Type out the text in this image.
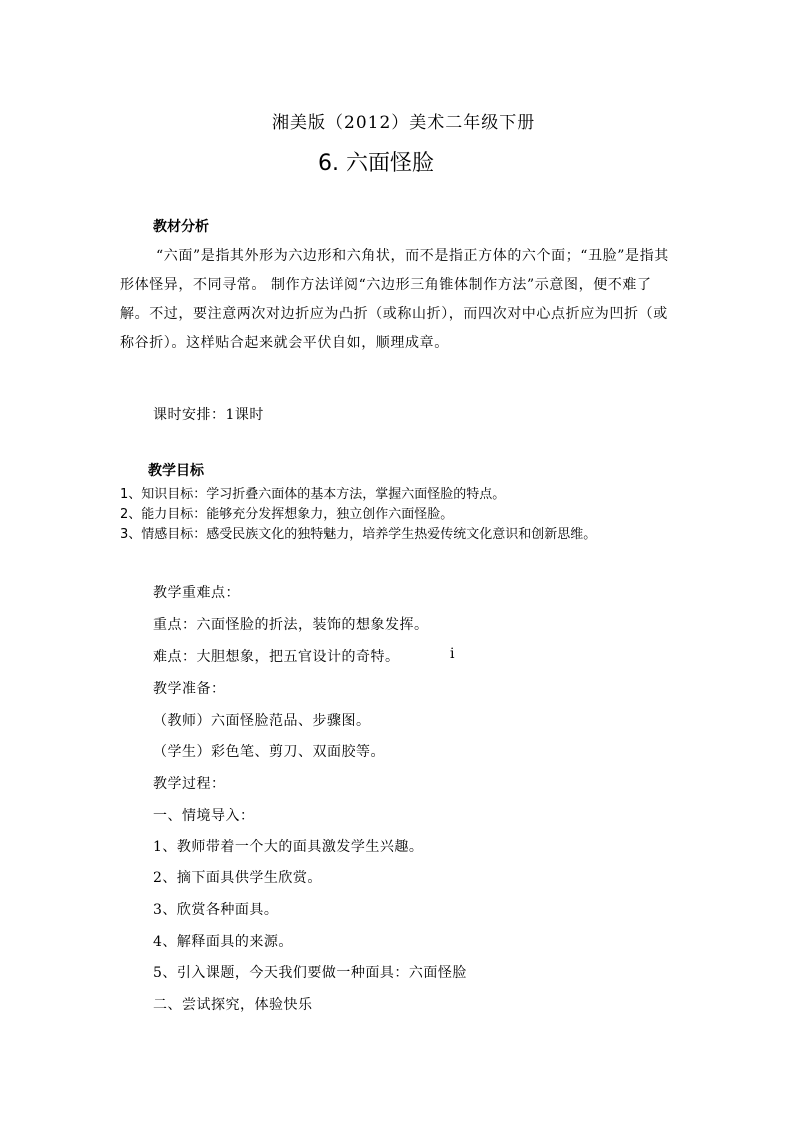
湘美版（2012）美术二年级下册
6. 六面怪脸
教材分析

“六面”是指其外形为六边形和六角状，而不是指正方体的六个面；“丑脸”是指其形体怪异，不同寻常。 制作方法详阅“六边形三角锥体制作方法”示意图，便不难了解。不过，要注意两次对边折应为凸折（或称山折），而四次对中心点折应为凹折（或称谷折）。这样贴合起来就会平伏自如，顺理成章。

课时安排：1课时
教学目标
1、知识目标：学习折叠六面体的基本方法，掌握六面怪脸的特点。
2、能力目标：能够充分发挥想象力，独立创作六面怪脸。
3、情感目标：感受民族文化的独特魅力，培养学生热爱传统文化意识和创新思维。
教学重难点：
重点：六面怪脸的折法，装饰的想象发挥。
难点：大胆想象，把五官设计的奇特。	i
教学准备：
（教师）六面怪脸范品、步骤图。
（学生）彩色笔、剪刀、双面胶等。
教学过程：
一、情境导入：
1、教师带着一个大的面具激发学生兴趣。
2、摘下面具供学生欣赏。
3、欣赏各种面具。
4、解释面具的来源。
5、引入课题，今天我们要做一种面具：六面怪脸
二、尝试探究，体验快乐
